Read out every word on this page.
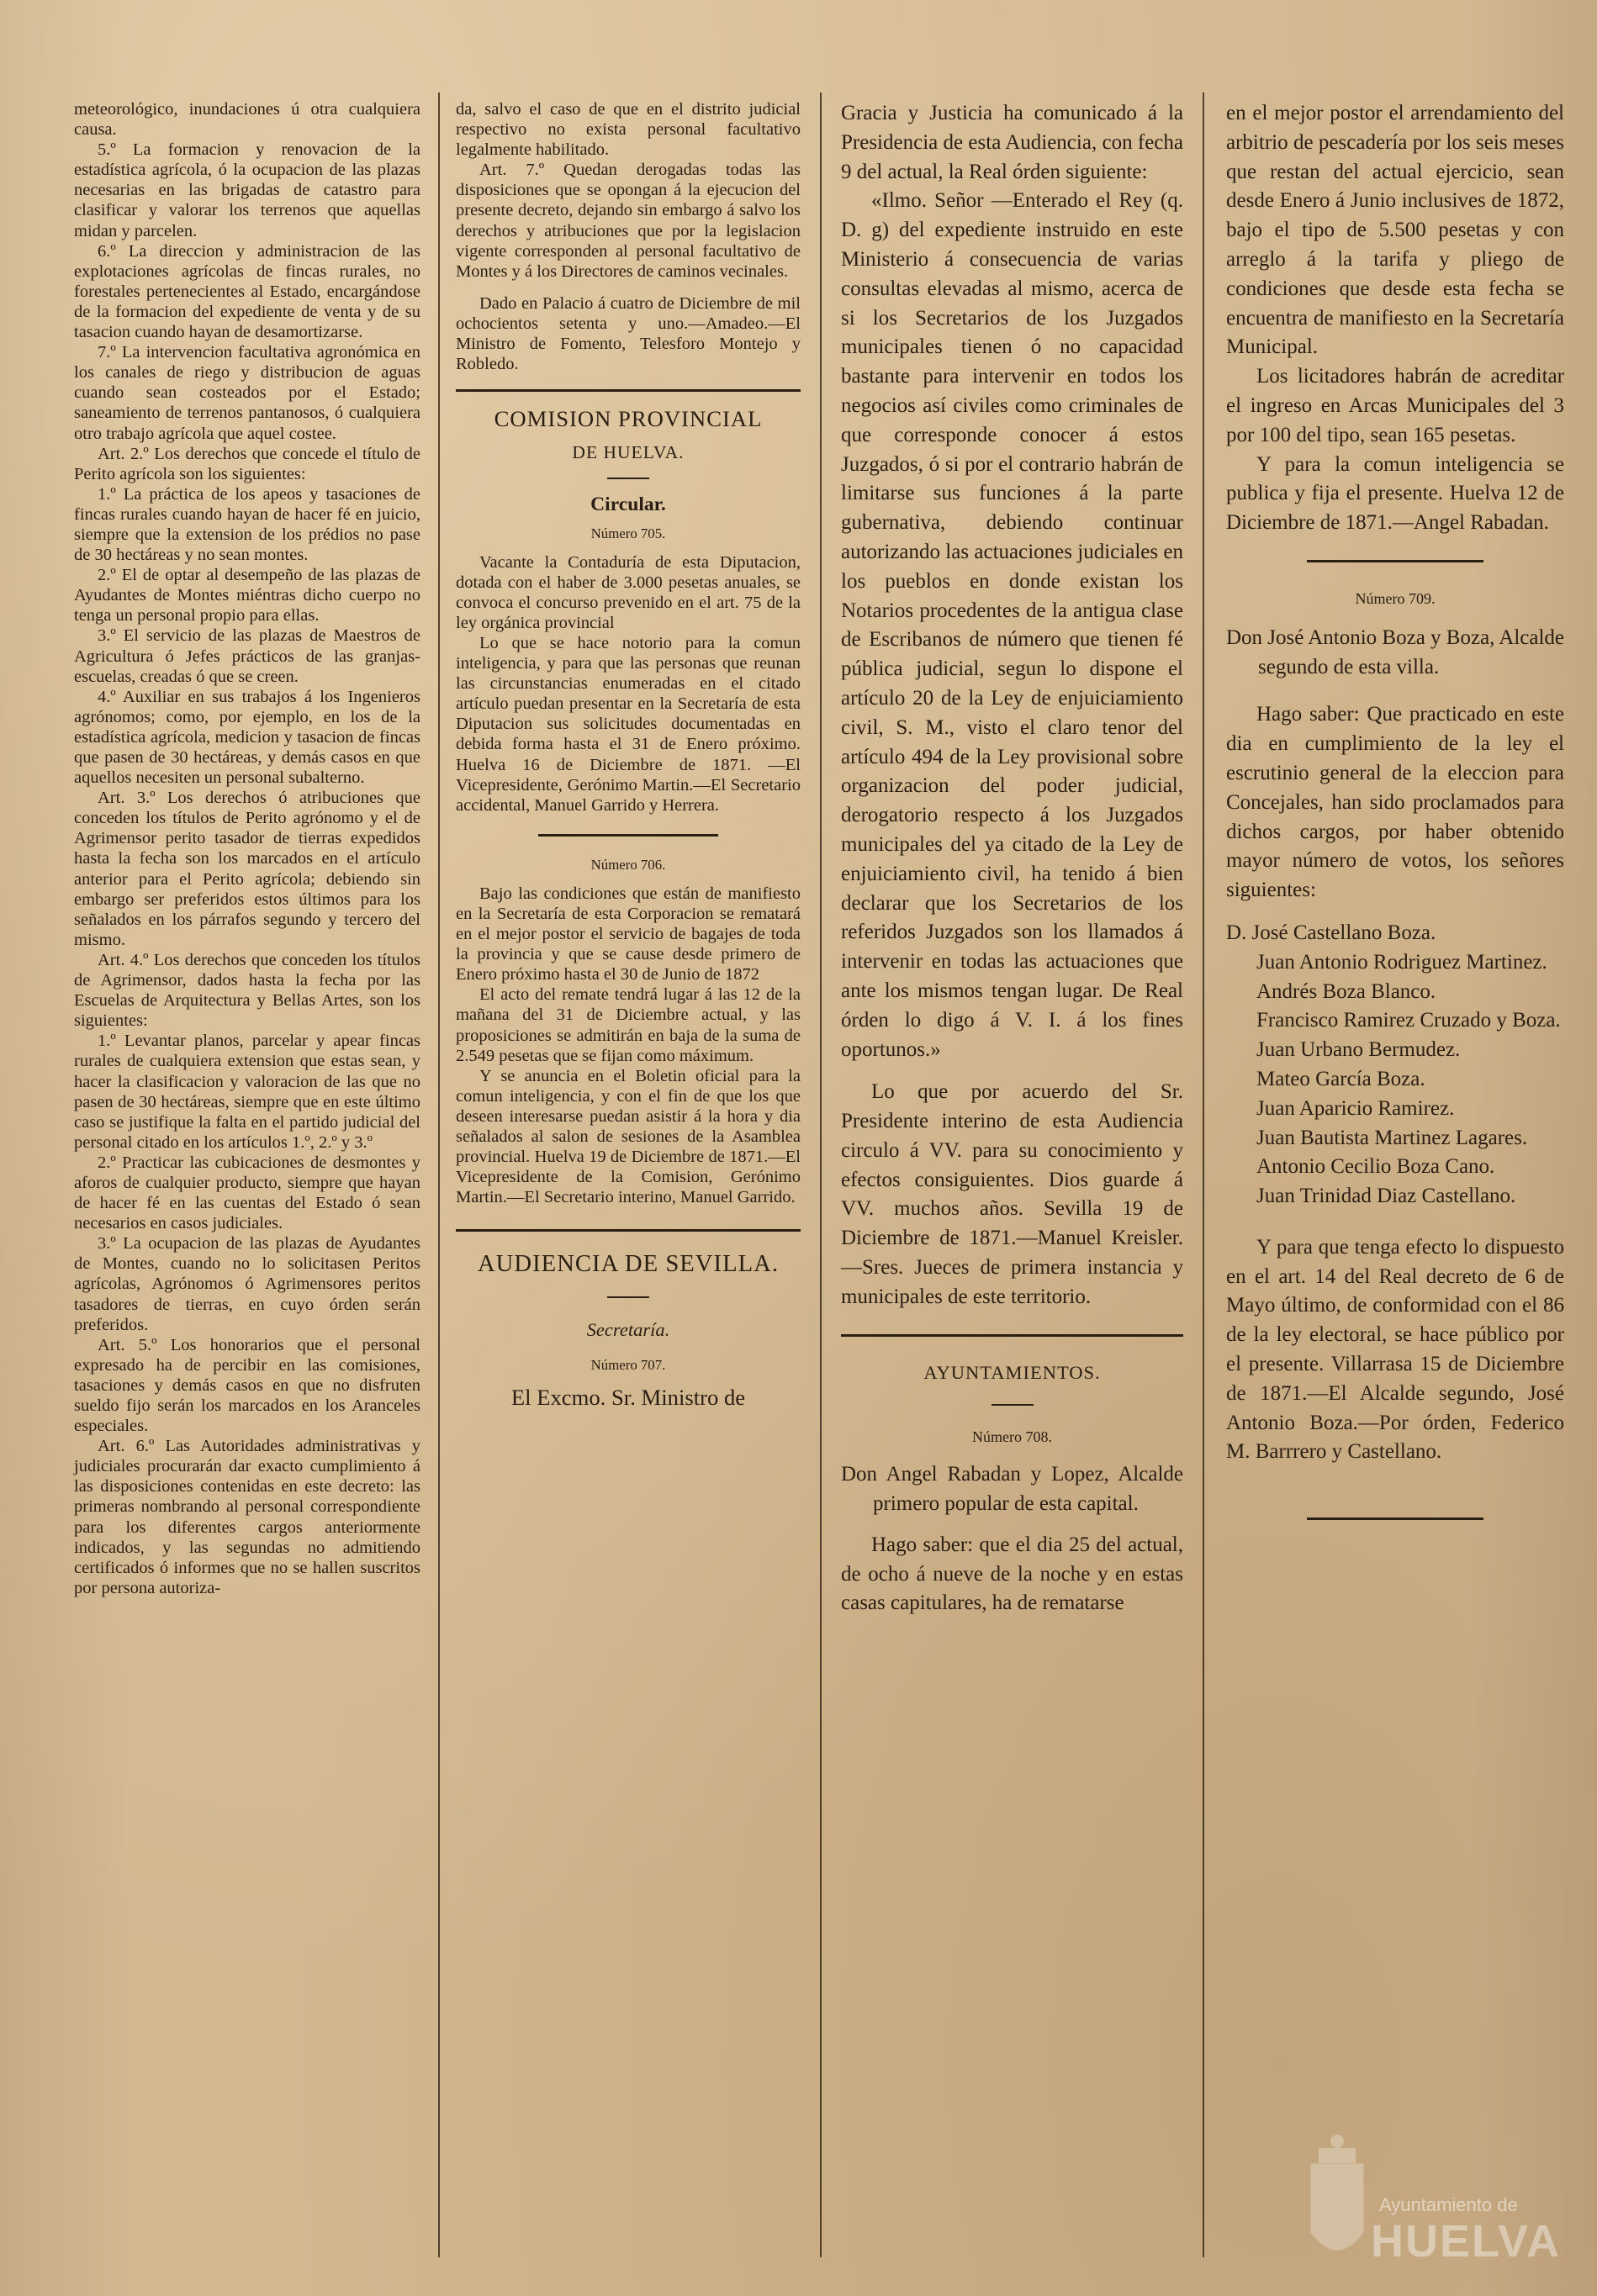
meteorológico, inundaciones ú otra cualquiera causa.

5.º La formacion y renovacion de la estadística agrícola, ó la ocupacion de las plazas necesarias en las brigadas de catastro para clasificar y valorar los terrenos que aquellas midan y parcelen.

6.º La direccion y administracion de las explotaciones agrícolas de fincas rurales, no forestales pertenecientes al Estado, encargándose de la formacion del expediente de venta y de su tasacion cuando hayan de desamortizarse.

7.º La intervencion facultativa agronómica en los canales de riego y distribucion de aguas cuando sean costeados por el Estado; saneamiento de terrenos pantanosos, ó cualquiera otro trabajo agrícola que aquel costee.

Art. 2.º Los derechos que concede el título de Perito agrícola son los siguientes:

1.º La práctica de los apeos y tasaciones de fincas rurales cuando hayan de hacer fé en juicio, siempre que la extension de los prédios no pase de 30 hectáreas y no sean montes.

2.º El de optar al desempeño de las plazas de Ayudantes de Montes miéntras dicho cuerpo no tenga un personal propio para ellas.

3.º El servicio de las plazas de Maestros de Agricultura ó Jefes prácticos de las granjas-escuelas, creadas ó que se creen.

4.º Auxiliar en sus trabajos á los Ingenieros agrónomos; como, por ejemplo, en los de la estadística agrícola, medicion y tasacion de fincas que pasen de 30 hectáreas, y demás casos en que aquellos necesiten un personal subalterno.

Art. 3.º Los derechos ó atribuciones que conceden los títulos de Perito agrónomo y el de Agrimensor perito tasador de tierras expedidos hasta la fecha son los marcados en el artículo anterior para el Perito agrícola; debiendo sin embargo ser preferidos estos últimos para los señalados en los párrafos segundo y tercero del mismo.

Art. 4.º Los derechos que conceden los títulos de Agrimensor, dados hasta la fecha por las Escuelas de Arquitectura y Bellas Artes, son los siguientes:

1.º Levantar planos, parcelar y apear fincas rurales de cualquiera extension que estas sean, y hacer la clasificacion y valoracion de las que no pasen de 30 hectáreas, siempre que en este último caso se justifique la falta en el partido judicial del personal citado en los artículos 1.º, 2.º y 3.º

2.º Practicar las cubicaciones de desmontes y aforos de cualquier producto, siempre que hayan de hacer fé en las cuentas del Estado ó sean necesarios en casos judiciales.

3.º La ocupacion de las plazas de Ayudantes de Montes, cuando no lo solicitasen Peritos agrícolas, Agrónomos ó Agrimensores peritos tasadores de tierras, en cuyo órden serán preferidos.

Art. 5.º Los honorarios que el personal expresado ha de percibir en las comisiones, tasaciones y demás casos en que no disfruten sueldo fijo serán los marcados en los Aranceles especiales.

Art. 6.º Las Autoridades administrativas y judiciales procurarán dar exacto cumplimiento á las disposiciones contenidas en este decreto: las primeras nombrando al personal correspondiente para los diferentes cargos anteriormente indicados, y las segundas no admitiendo certificados ó informes que no se hallen suscritos por persona autoriza-

da, salvo el caso de que en el distrito judicial respectivo no exista personal facultativo legalmente habilitado.

Art. 7.º Quedan derogadas todas las disposiciones que se opongan á la ejecucion del presente decreto, dejando sin embargo á salvo los derechos y atribuciones que por la legislacion vigente corresponden al personal facultativo de Montes y á los Directores de caminos vecinales.

Dado en Palacio á cuatro de Diciembre de mil ochocientos setenta y uno.—Amadeo.—El Ministro de Fomento, Telesforo Montejo y Robledo.

COMISION PROVINCIAL

DE HUELVA.

Circular.

Número 705.

Vacante la Contaduría de esta Diputacion, dotada con el haber de 3.000 pesetas anuales, se convoca el concurso prevenido en el art. 75 de la ley orgánica provincial

Lo que se hace notorio para la comun inteligencia, y para que las personas que reunan las circunstancias enumeradas en el citado artículo puedan presentar en la Secretaría de esta Diputacion sus solicitudes documentadas en debida forma hasta el 31 de Enero próximo. Huelva 16 de Diciembre de 1871. —El Vicepresidente, Gerónimo Martin.—El Secretario accidental, Manuel Garrido y Herrera.

Número 706.

Bajo las condiciones que están de manifiesto en la Secretaría de esta Corporacion se rematará en el mejor postor el servicio de bagajes de toda la provincia y que se cause desde primero de Enero próximo hasta el 30 de Junio de 1872

El acto del remate tendrá lugar á las 12 de la mañana del 31 de Diciembre actual, y las proposiciones se admitirán en baja de la suma de 2.549 pesetas que se fijan como máximum.

Y se anuncia en el Boletin oficial para la comun inteligencia, y con el fin de que los que deseen interesarse puedan asistir á la hora y dia señalados al salon de sesiones de la Asamblea provincial. Huelva 19 de Diciembre de 1871.—El Vicepresidente de la Comision, Gerónimo Martin.—El Secretario interino, Manuel Garrido.

AUDIENCIA DE SEVILLA.

Secretaría.

Número 707.

El Excmo. Sr. Ministro de

Gracia y Justicia ha comunicado á la Presidencia de esta Audiencia, con fecha 9 del actual, la Real órden siguiente:

«Ilmo. Señor —Enterado el Rey (q. D. g) del expediente instruido en este Ministerio á consecuencia de varias consultas elevadas al mismo, acerca de si los Secretarios de los Juzgados municipales tienen ó no capacidad bastante para intervenir en todos los negocios así civiles como criminales de que corresponde conocer á estos Juzgados, ó si por el contrario habrán de limitarse sus funciones á la parte gubernativa, debiendo continuar autorizando las actuaciones judiciales en los pueblos en donde existan los Notarios procedentes de la antigua clase de Escribanos de número que tienen fé pública judicial, segun lo dispone el artículo 20 de la Ley de enjuiciamiento civil, S. M., visto el claro tenor del artículo 494 de la Ley provisional sobre organizacion del poder judicial, derogatorio respecto á los Juzgados municipales del ya citado de la Ley de enjuiciamiento civil, ha tenido á bien declarar que los Secretarios de los referidos Juzgados son los llamados á intervenir en todas las actuaciones que ante los mismos tengan lugar. De Real órden lo digo á V. I. á los fines oportunos.»

Lo que por acuerdo del Sr. Presidente interino de esta Audiencia circulo á VV. para su conocimiento y efectos consiguientes. Dios guarde á VV. muchos años. Sevilla 19 de Diciembre de 1871.—Manuel Kreisler.—Sres. Jueces de primera instancia y municipales de este territorio.

AYUNTAMIENTOS.

Número 708.

Don Angel Rabadan y Lopez, Alcalde primero popular de esta capital.

Hago saber: que el dia 25 del actual, de ocho á nueve de la noche y en estas casas capitulares, ha de rematarse

en el mejor postor el arrendamiento del arbitrio de pescadería por los seis meses que restan del actual ejercicio, sean desde Enero á Junio inclusives de 1872, bajo el tipo de 5.500 pesetas y con arreglo á la tarifa y pliego de condiciones que desde esta fecha se encuentra de manifiesto en la Secretaría Municipal.

Los licitadores habrán de acreditar el ingreso en Arcas Municipales del 3 por 100 del tipo, sean 165 pesetas.

Y para la comun inteligencia se publica y fija el presente. Huelva 12 de Diciembre de 1871.—Angel Rabadan.

Número 709.

Don José Antonio Boza y Boza, Alcalde segundo de esta villa.

Hago saber: Que practicado en este dia en cumplimiento de la ley el escrutinio general de la eleccion para Concejales, han sido proclamados para dichos cargos, por haber obtenido mayor número de votos, los señores siguientes:

D. José Castellano Boza.

Juan Antonio Rodriguez Martinez.

Andrés Boza Blanco.

Francisco Ramirez Cruzado y Boza.

Juan Urbano Bermudez.

Mateo García Boza.

Juan Aparicio Ramirez.

Juan Bautista Martinez Lagares.

Antonio Cecilio Boza Cano.

Juan Trinidad Diaz Castellano.

Y para que tenga efecto lo dispuesto en el art. 14 del Real decreto de 6 de Mayo último, de conformidad con el 86 de la ley electoral, se hace público por el presente. Villarrasa 15 de Diciembre de 1871.—El Alcalde segundo, José Antonio Boza.—Por órden, Federico M. Barrrero y Castellano.

Ayuntamiento de
HUELVA
